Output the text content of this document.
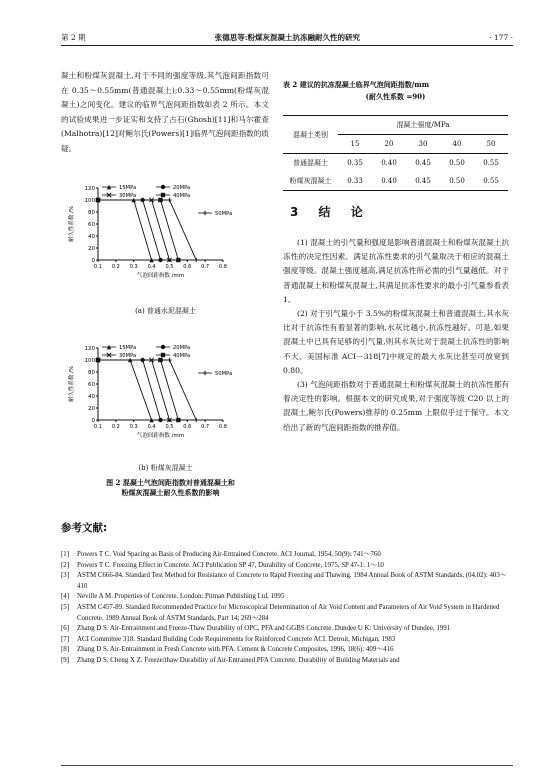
第 2 期	张德思等:粉煤灰混凝土抗冻融耐久性的研究	· 177 ·

凝土和粉煤灰混凝土,对于不同的强度等级,其气泡间距指数可在 0.35～0.55mm(普通混凝土);0.33～0.55mm(粉煤灰混凝土)之间变化。建议的临界气泡间距指数如表 2 所示。本文的试验成果进一步证实和支持了古石(Ghosh)[11]和马尔霍查(Malhotra)[12]对鲍尔氏(Powers)[1]临界气泡间距指数的质疑。

0
20
40
60
80
100
120
0.1 0.2 0.3 0.4 0.5 0.6 0.7 0.8
气泡间距指数 /mm
耐久性系数 /%
15MPa	20MPa
30MPa	40MPa
50MPa
(a) 普通水泥混凝土
0
20
40
60
80
100
120
0.1 0.2 0.3 0.4 0.5 0.6 0.7 0.8
气泡间距指数 /mm
耐久性系数 /%
15MPa	20MPa
30MPa	40MPa
50MPa
(b) 粉煤灰混凝土
图 2 混凝土气泡间距指数对普通混凝土和
粉煤灰混凝土耐久性系数的影响
表 2 建议的抗冻混凝土临界气泡间距指数/mm
(耐久性系数 =90)
混凝土类别	混凝土强度/MPa				
	15	20	30	40	50
普通混凝土	0.35	0.40	0.45	0.50	0.55
粉煤灰混凝土	0.33	0.40	0.45	0.50	0.55
3 结 论

(1) 混凝土的引气量和强度是影响普通混凝土和粉煤灰混凝土抗冻性的决定性因素。满足抗冻性要求的引气量取决于相应的混凝土强度等级。混凝土强度越高,满足抗冻性所必需的引气量越低。对于普通混凝土和粉煤灰混凝土,其满足抗冻性要求的最小引气量参看表 1。

(2) 对于引气量小于 3.5%的粉煤灰混凝土和普通混凝土,其水灰比对于抗冻性有着显著的影响,水灰比越小,抗冻性越好。可是,如果混凝土中已具有足够的引气量,则其水灰比对于混凝土抗冻性的影响不大。美国标准 ACI－318[7]中规定的最大水灰比甚至可放宽到 0.80。

(3) 气泡间距指数对于普通混凝土和粉煤灰混凝土的抗冻性都有着决定性的影响。根据本文的研究成果,对于强度等级 C20 以上的混凝土,鲍尔氏(Powers)推荐的 0.25mm 上限似乎过于保守。本文给出了新的气泡间距指数的推荐值。

参考文献:
[1]	Powers T C. Void Spacing as Basis of Producing Air-Entrained Concrete. ACI Journal, 1954, 50(9): 741～760
[2]	Powers T C. Freezing Effect in Concrete. ACI Publication SP 47, Durability of Concrete, 1975, SP 47-1: 1～10
[3]	ASTM C666-84. Standard Test Method for Resistance of Concrete to Rapid Freezing and Thawing. 1984 Annual Book of ASTM Standards, (04.02): 403～410
[4]	Neville A M. Properties of Concrete. London: Pitman Publishing Ltd, 1995
[5]	ASTM C457-89. Standard Recommended Practice for Microscopical Determination of Air Void Content and Parameters of Air Void System in Hardened Concrete. 1989 Annual Book of ASTM Standards, Part 14; 269～284
[6]	Zhang D S. Air-Entrainment and Freeze-Thaw Durability of OPC, PFA and GGBS Concrete. Dundee U K: University of Dundee, 1991
[7]	ACI Committee 318. Standard Building Code Requirements for Reinforced Concrete ACI. Detroit, Michigan, 1983
[8]	Zhang D S. Air-Entrainment in Fresh Concrete with PFA. Cement & Concrete Composites, 1996, 18(6): 409～416
[9]	Zhang D S, Cheng X Z. Freeze/thaw Durability of Air-Entrained PFA Concrete. Durability of Building Materials and
